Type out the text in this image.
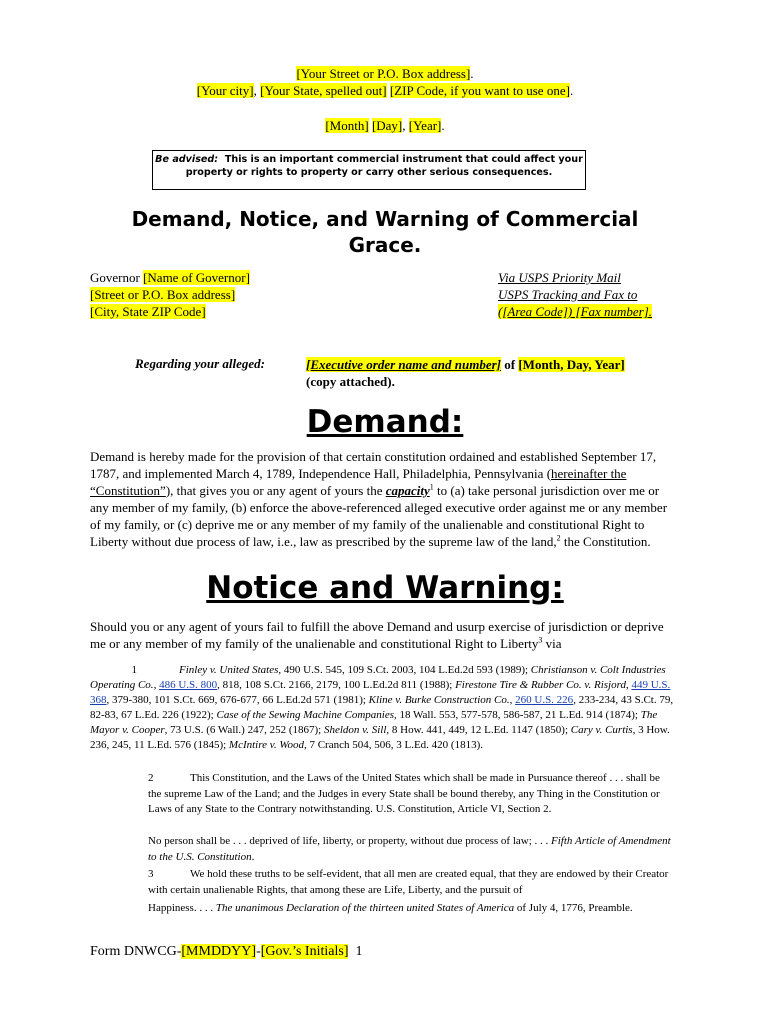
[Your Street or P.O. Box address].
[Your city], [Your State, spelled out] [ZIP Code, if you want to use one].
[Month] [Day], [Year].
Be advised: This is an important commercial instrument that could affect your property or rights to property or carry other serious consequences.
Demand, Notice, and Warning of Commercial Grace.
Governor [Name of Governor]
[Street or P.O. Box address]
[City, State ZIP Code]
Via USPS Priority Mail
USPS Tracking and Fax to
([Area Code]) [Fax number].
Regarding your alleged:	[Executive order name and number] of [Month, Day, Year]
(copy attached).
Demand:
Demand is hereby made for the provision of that certain constitution ordained and established September 17, 1787, and implemented March 4, 1789, Independence Hall, Philadelphia, Pennsylvania (hereinafter the “Constitution”), that gives you or any agent of yours the capacity$^1$ to (a) take personal jurisdiction over me or any member of my family, (b) enforce the above-referenced alleged executive order against me or any member of my family, or (c) deprive me or any member of my family of the unalienable and constitutional Right to Liberty without due process of law, i.e., law as prescribed by the supreme law of the land,$^2$ the Constitution.
Notice and Warning:
Should you or any agent of yours fail to fulfill the above Demand and usurp exercise of jurisdiction or deprive me or any member of my family of the unalienable and constitutional Right to Liberty$^3$ via
1	Finley v. United States, 490 U.S. 545, 109 S.Ct. 2003, 104 L.Ed.2d 593 (1989); Christianson v. Colt Industries Operating Co., 486 U.S. 800, 818, 108 S.Ct. 2166, 2179, 100 L.Ed.2d 811 (1988); Firestone Tire & Rubber Co. v. Risjord, 449 U.S. 368, 379-380, 101 S.Ct. 669, 676-677, 66 L.Ed.2d 571 (1981); Kline v. Burke Construction Co., 260 U.S. 226, 233-234, 43 S.Ct. 79, 82-83, 67 L.Ed. 226 (1922); Case of the Sewing Machine Companies, 18 Wall. 553, 577-578, 586-587, 21 L.Ed. 914 (1874); The Mayor v. Cooper, 73 U.S. (6 Wall.) 247, 252 (1867); Sheldon v. Sill, 8 How. 441, 449, 12 L.Ed. 1147 (1850); Cary v. Curtis, 3 How. 236, 245, 11 L.Ed. 576 (1845); McIntire v. Wood, 7 Cranch 504, 506, 3 L.Ed. 420 (1813).
2	This Constitution, and the Laws of the United States which shall be made in Pursuance thereof . . . shall be the supreme Law of the Land; and the Judges in every State shall be bound thereby, any Thing in the Constitution or Laws of any State to the Contrary notwithstanding. U.S. Constitution, Article VI, Section 2.
No person shall be . . . deprived of life, liberty, or property, without due process of law; . . . Fifth Article of Amendment to the U.S. Constitution.
3	We hold these truths to be self-evident, that all men are created equal, that they are endowed by their Creator with certain unalienable Rights, that among these are Life, Liberty, and the pursuit of
Happiness. . . . The unanimous Declaration of the thirteen united States of America of July 4, 1776, Preamble.
Form DNWCG-[MMDDYY]-[Gov.’s Initials] 1
